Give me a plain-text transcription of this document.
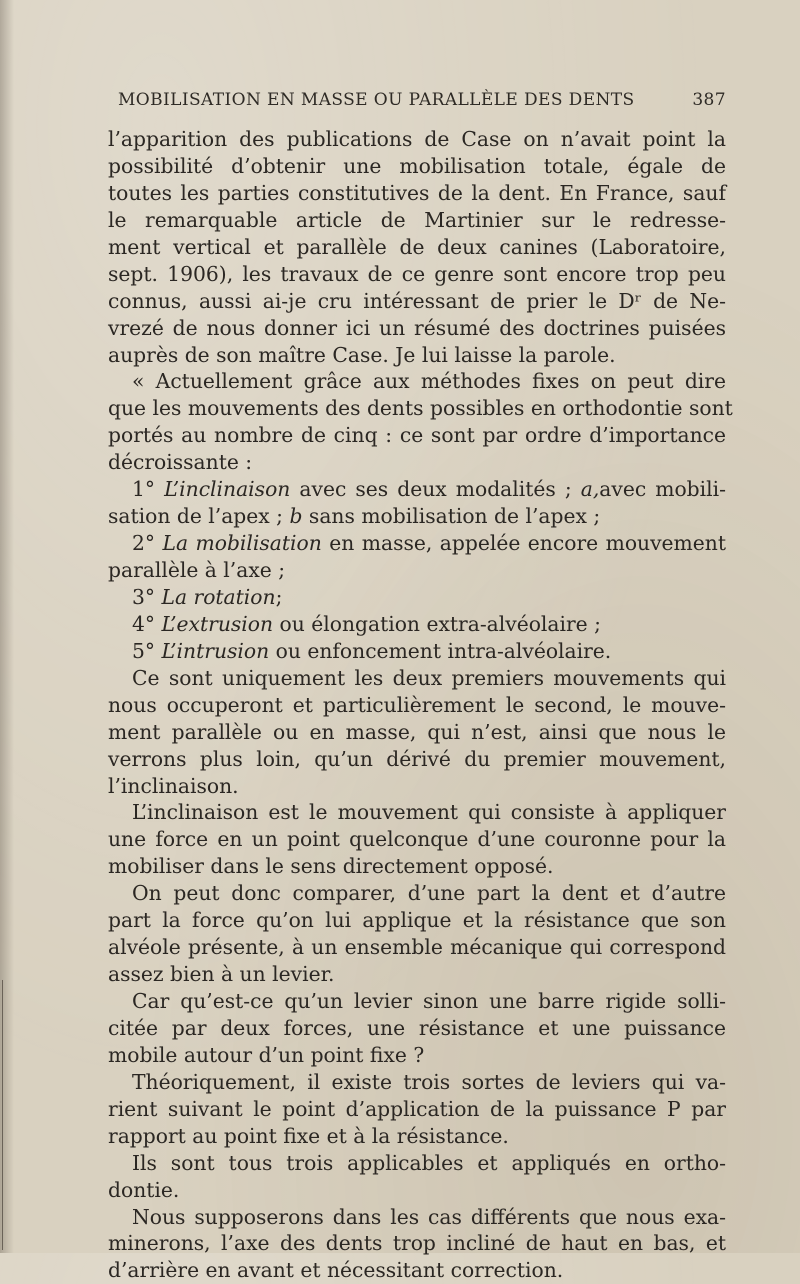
MOBILISATION EN MASSE OU PARALLÈLE DES DENTS	387
l’apparition des publications de Case on n’avait point la
possibilité d’obtenir une mobilisation totale, égale de
toutes les parties constitutives de la dent. En France, sauf
le remarquable article de Martinier sur le redresse-
ment vertical et parallèle de deux canines (Laboratoire,
sept. 1906), les travaux de ce genre sont encore trop peu
connus, aussi ai-je cru intéressant de prier le Dʳ de Ne-
vrezé de nous donner ici un résumé des doctrines puisées
auprès de son maître Case. Je lui laisse la parole.
« Actuellement grâce aux méthodes fixes on peut dire
que les mouvements des dents possibles en orthodontie sont
portés au nombre de cinq : ce sont par ordre d’importance
décroissante :
1° L’inclinaison avec ses deux modalités ; a,avec mobili-
sation de l’apex ; b sans mobilisation de l’apex ;
2° La mobilisation en masse, appelée encore mouvement
parallèle à l’axe ;
3° La rotation;
4° L’extrusion ou élongation extra-alvéolaire ;
5° L’intrusion ou enfoncement intra-alvéolaire.
Ce sont uniquement les deux premiers mouvements qui
nous occuperont et particulièrement le second, le mouve-
ment parallèle ou en masse, qui n’est, ainsi que nous le
verrons plus loin, qu’un dérivé du premier mouvement,
l’inclinaison.
L’inclinaison est le mouvement qui consiste à appliquer
une force en un point quelconque d’une couronne pour la
mobiliser dans le sens directement opposé.
On peut donc comparer, d’une part la dent et d’autre
part la force qu’on lui applique et la résistance que son
alvéole présente, à un ensemble mécanique qui correspond
assez bien à un levier.
Car qu’est-ce qu’un levier sinon une barre rigide solli-
citée par deux forces, une résistance et une puissance
mobile autour d’un point fixe ?
Théoriquement, il existe trois sortes de leviers qui va-
rient suivant le point d’application de la puissance P par
rapport au point fixe et à la résistance.
Ils sont tous trois applicables et appliqués en ortho-
dontie.
Nous supposerons dans les cas différents que nous exa-
minerons, l’axe des dents trop incliné de haut en bas, et
d’arrière en avant et nécessitant correction.
